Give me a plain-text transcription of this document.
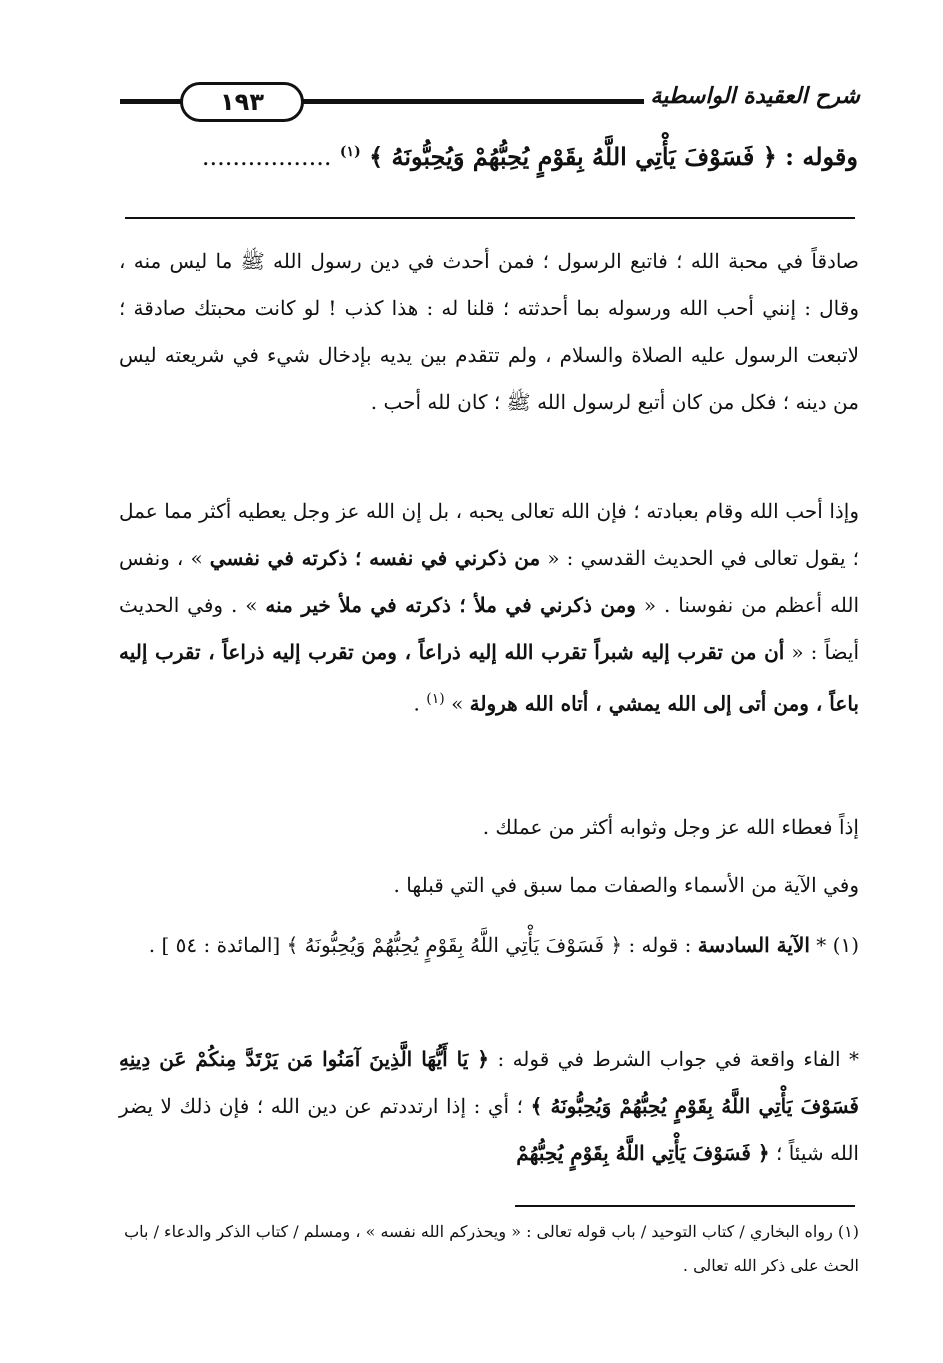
١٩٣	شرح العقيدة الواسطية
وقوله : ﴿ فَسَوْفَ يَأْتِي اللَّهُ بِقَوْمٍ يُحِبُّهُمْ وَيُحِبُّونَهُ ﴾ $^{(١)}$ .................
صادقاً في محبة الله ؛ فاتبع الرسول ؛ فمن أحدث في دين رسول الله ﷺ ما ليس منه ، وقال : إنني أحب الله ورسوله بما أحدثته ؛ قلنا له : هذا كذب ! لو كانت محبتك صادقة ؛ لاتبعت الرسول عليه الصلاة والسلام ، ولم تتقدم بين يديه بإدخال شيء في شريعته ليس من دينه ؛ فكل من كان أتبع لرسول الله ﷺ ؛ كان لله أحب .
وإذا أحب الله وقام بعبادته ؛ فإن الله تعالى يحبه ، بل إن الله عز وجل يعطيه أكثر مما عمل ؛ يقول تعالى في الحديث القدسي : « من ذكرني في نفسه ؛ ذكرته في نفسي » ، ونفس الله أعظم من نفوسنا . « ومن ذكرني في ملأ ؛ ذكرته في ملأ خير منه » . وفي الحديث أيضاً : « أن من تقرب إليه شبراً تقرب الله إليه ذراعاً ، ومن تقرب إليه ذراعاً ، تقرب إليه باعاً ، ومن أتى إلى الله يمشي ، أتاه الله هرولة » $^{(١)}$ .
إذاً فعطاء الله عز وجل وثوابه أكثر من عملك .
وفي الآية من الأسماء والصفات مما سبق في التي قبلها .
(١) * الآية السادسة : قوله : ﴿ فَسَوْفَ يَأْتِي اللَّهُ بِقَوْمٍ يُحِبُّهُمْ وَيُحِبُّونَهُ ﴾ [المائدة : ٥٤ ] .
* الفاء واقعة في جواب الشرط في قوله : ﴿ يَا أَيُّهَا الَّذِينَ آمَنُوا مَن يَرْتَدَّ مِنكُمْ عَن دِينِهِ فَسَوْفَ يَأْتِي اللَّهُ بِقَوْمٍ يُحِبُّهُمْ وَيُحِبُّونَهُ ﴾ ؛ أي : إذا ارتددتم عن دين الله ؛ فإن ذلك لا يضر الله شيئاً ؛ ﴿ فَسَوْفَ يَأْتِي اللَّهُ بِقَوْمٍ يُحِبُّهُمْ
(١) رواه البخاري / كتاب التوحيد / باب قوله تعالى : « ويحذركم الله نفسه » ، ومسلم / كتاب الذكر والدعاء / باب الحث على ذكر الله تعالى .
